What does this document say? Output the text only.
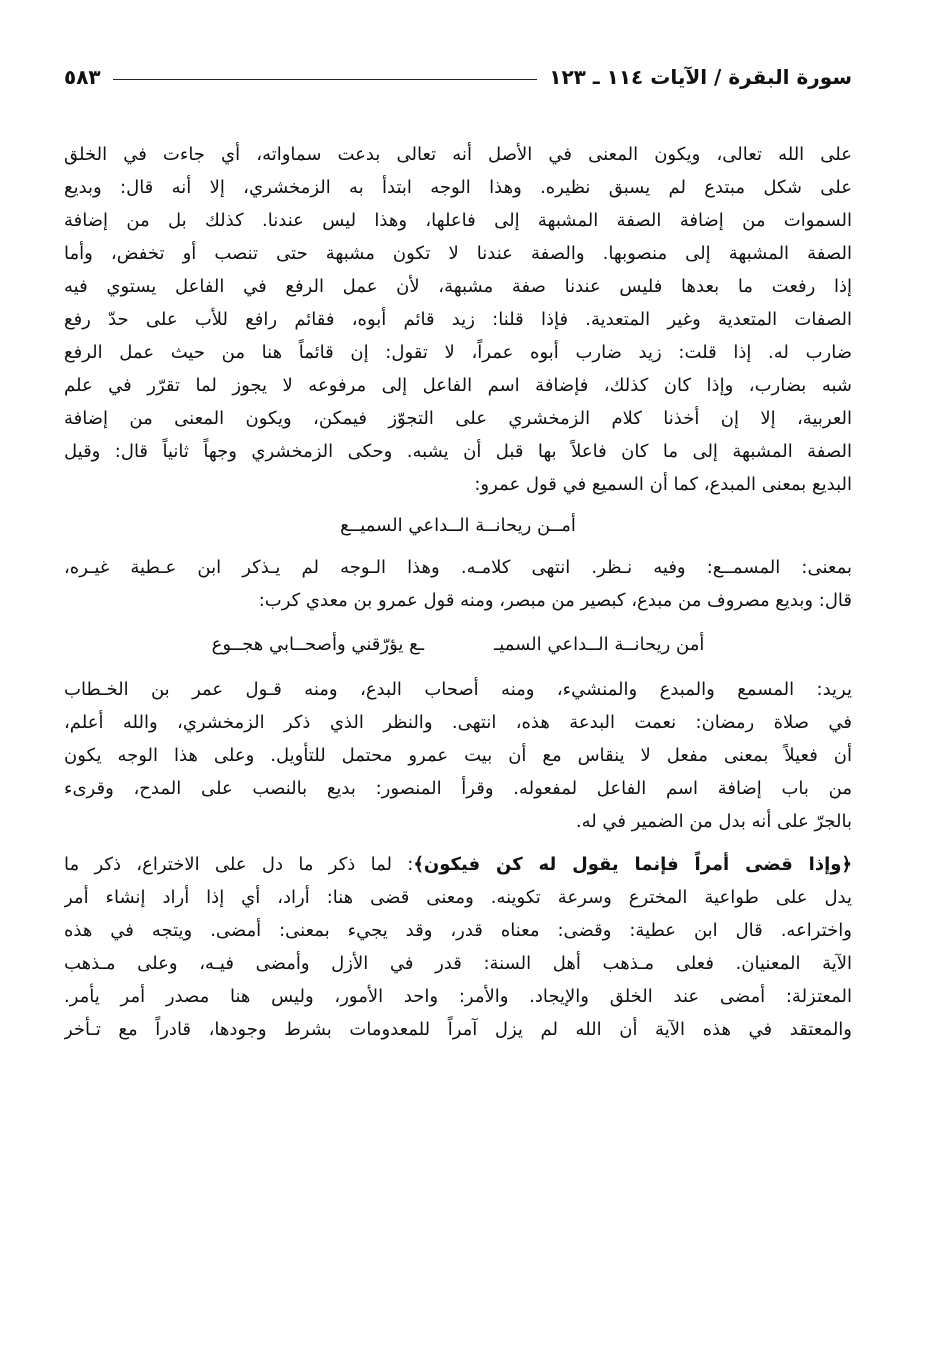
سورة البقرة / الآيات ١١٤ ـ ١٢٣
٥٨٣
على الله تعالى، ويكون المعنى في الأصل أنه تعالى بدعت سماواته، أي جاءت في الخلق
على شكل مبتدع لم يسبق نظيره. وهذا الوجه ابتدأ به الزمخشري، إلا أنه قال: وبديع
السموات من إضافة الصفة المشبهة إلى فاعلها، وهذا ليس عندنا. كذلك بل من إضافة
الصفة المشبهة إلى منصوبها. والصفة عندنا لا تكون مشبهة حتى تنصب أو تخفض، وأما
إذا رفعت ما بعدها فليس عندنا صفة مشبهة، لأن عمل الرفع في الفاعل يستوي فيه
الصفات المتعدية وغير المتعدية. فإذا قلنا: زيد قائم أبوه، فقائم رافع للأب على حدّ رفع
ضارب له. إذا قلت: زيد ضارب أبوه عمراً، لا تقول: إن قائماً هنا من حيث عمل الرفع
شبه بضارب، وإذا كان كذلك، فإضافة اسم الفاعل إلى مرفوعه لا يجوز لما تقرّر في علم
العربية، إلا إن أخذنا كلام الزمخشري على التجوّز فيمكن، ويكون المعنى من إضافة
الصفة المشبهة إلى ما كان فاعلاً بها قبل أن يشبه. وحكى الزمخشري وجهاً ثانياً قال: وقيل
البديع بمعنى المبدع، كما أن السميع في قول عمرو:
أمــن ريحانــة الــداعي السميــع
بمعنى: المسمــع: وفيه نـظر. انتهى كلامـه. وهذا الـوجه لم يـذكر ابن عـطية غيـره،
قال: وبديع مصروف من مبدع، كبصير من مبصر، ومنه قول عمرو بن معدي كرب:
أمن ريحانــة الــداعي السميـ
ـع يؤرّقني وأصحــابي هجــوع
يريد: المسمع والمبدع والمنشيء، ومنه أصحاب البدع، ومنه قـول عمر بن الخـطاب
في صلاة رمضان: نعمت البدعة هذه، انتهى. والنظر الذي ذكر الزمخشري، والله أعلم،
أن فعيلاً بمعنى مفعل لا ينقاس مع أن بيت عمرو محتمل للتأويل. وعلى هذا الوجه يكون
من باب إضافة اسم الفاعل لمفعوله. وقرأ المنصور: بديع بالنصب على المدح، وقرىء
بالجرّ على أنه بدل من الضمير في له.
﴿وإذا قضى أمراً فإنما يقول له كن فيكون﴾: لما ذكر ما دل على الاختراع، ذكر ما
يدل على طواعية المخترع وسرعة تكوينه. ومعنى قضى هنا: أراد، أي إذا أراد إنشاء أمر
واختراعه. قال ابن عطية: وقضى: معناه قدر، وقد يجيء بمعنى: أمضى. ويتجه في هذه
الآية المعنيان. فعلى مـذهب أهل السنة: قدر في الأزل وأمضى فيـه، وعلى مـذهب
المعتزلة: أمضى عند الخلق والإيجاد. والأمر: واحد الأمور، وليس هنا مصدر أمر يأمر.
والمعتقد في هذه الآية أن الله لم يزل آمراً للمعدومات بشرط وجودها، قادراً مع تـأخر
